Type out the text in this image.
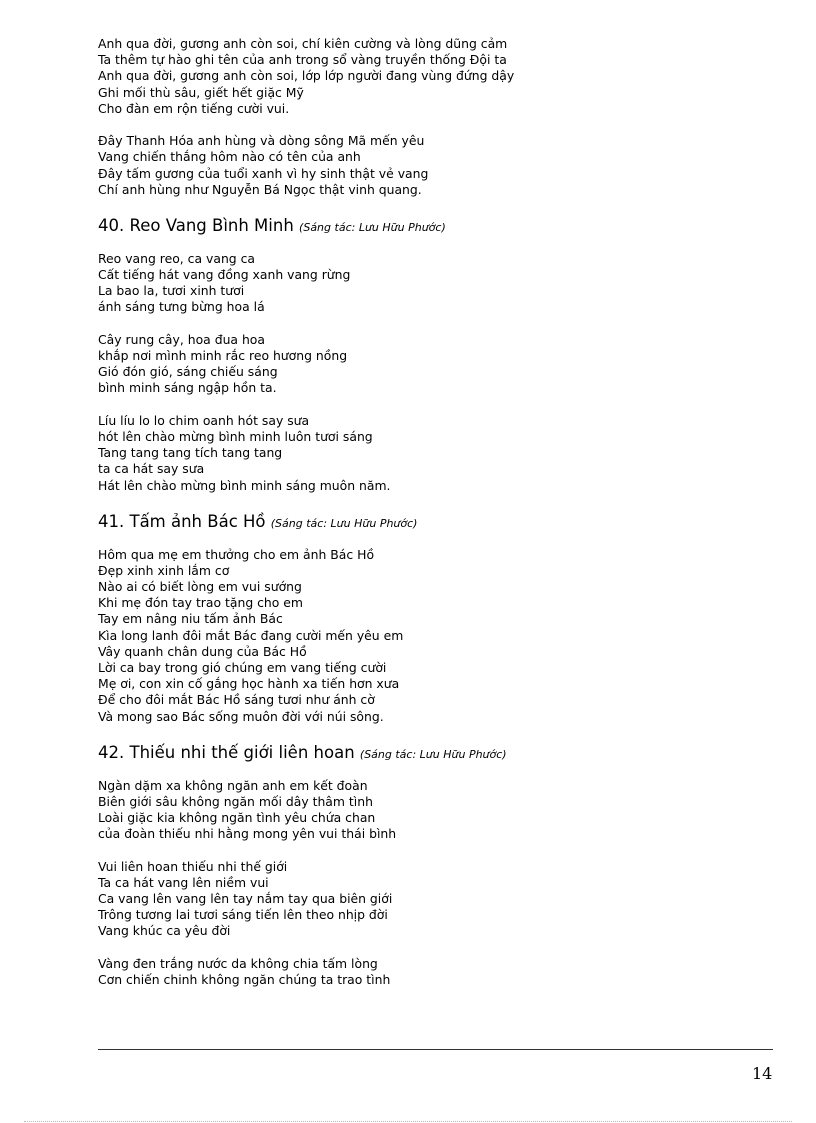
Anh qua đời, gương anh còn soi, chí kiên cường và lòng dũng cảm
Ta thêm tự hào ghi tên của anh trong sổ vàng truyền thống Đội ta
Anh qua đời, gương anh còn soi, lớp lớp người đang vùng đứng dậy
Ghi mối thù sâu, giết hết giặc Mỹ
Cho đàn em rộn tiếng cười vui.
Đây Thanh Hóa anh hùng và dòng sông Mã mến yêu
Vang chiến thắng hôm nào có tên của anh
Đây tấm gương của tuổi xanh vì hy sinh thật vẻ vang
Chí anh hùng như Nguyễn Bá Ngọc thật vinh quang.
40. Reo Vang Bình Minh (Sáng tác: Lưu Hữu Phước)
Reo vang reo, ca vang ca
Cất tiếng hát vang đồng xanh vang rừng
La bao la, tươi xinh tươi
ánh sáng tưng bừng hoa lá
Cây rung cây, hoa đua hoa
khắp nơi mình minh rắc reo hương nồng
Gió đón gió, sáng chiếu sáng
bình minh sáng ngập hồn ta.
Líu líu lo lo chim oanh hót say sưa
hót lên chào mừng bình minh luôn tươi sáng
Tang tang tang tích tang tang
ta ca hát say sưa
Hát lên chào mừng bình minh sáng muôn năm.
41. Tấm ảnh Bác Hồ (Sáng tác: Lưu Hữu Phước)
Hôm qua mẹ em thưởng cho em ảnh Bác Hồ
Đẹp xinh xinh lắm cơ
Nào ai có biết lòng em vui sướng
Khi mẹ đón tay trao tặng cho em
Tay em nâng niu tấm ảnh Bác
Kìa long lanh đôi mắt Bác đang cười mến yêu em
Vây quanh chân dung của Bác Hồ
Lời ca bay trong gió chúng em vang tiếng cười
Mẹ ơi, con xin cố gắng học hành xa tiến hơn xưa
Để cho đôi mắt Bác Hồ sáng tươi như ánh cờ
Và mong sao Bác sống muôn đời với núi sông.
42. Thiếu nhi thế giới liên hoan (Sáng tác: Lưu Hữu Phước)
Ngàn dặm xa không ngăn anh em kết đoàn
Biên giới sâu không ngăn mối dây thâm tình
Loài giặc kia không ngăn tình yêu chứa chan
của đoàn thiếu nhi hằng mong yên vui thái bình
Vui liên hoan thiếu nhi thế giới
Ta ca hát vang lên niềm vui
Ca vang lên vang lên tay nắm tay qua biên giới
Trông tương lai tươi sáng tiến lên theo nhịp đời
Vang khúc ca yêu đời
Vàng đen trắng nước da không chia tấm lòng
Cơn chiến chinh không ngăn chúng ta trao tình
14
